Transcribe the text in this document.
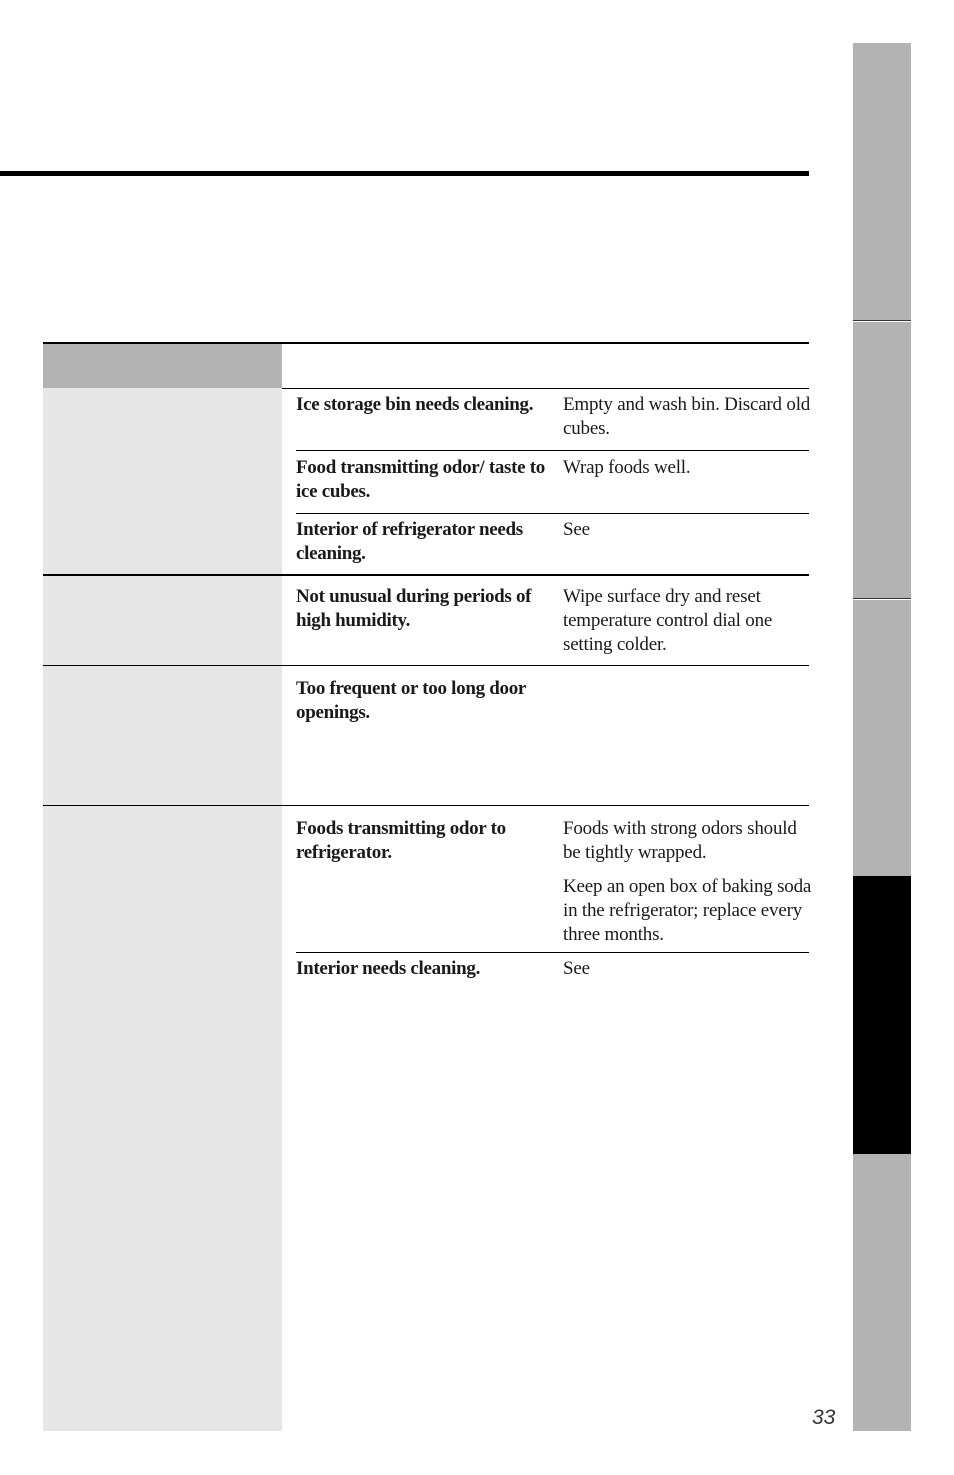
Ice storage bin needs cleaning.	Empty and wash bin. Discard old cubes.

Food transmitting odor/ taste to ice cubes.

Wrap foods well.

Interior of refrigerator needs cleaning.

See

Not unusual during periods of high humidity.

Wipe surface dry and reset temperature control dial one setting colder.

Too frequent or too long door openings.

Foods transmitting odor to refrigerator.

Foods with strong odors should be tightly wrapped.

Keep an open box of baking soda in the refrigerator; replace every three months.

Interior needs cleaning.	See

33
